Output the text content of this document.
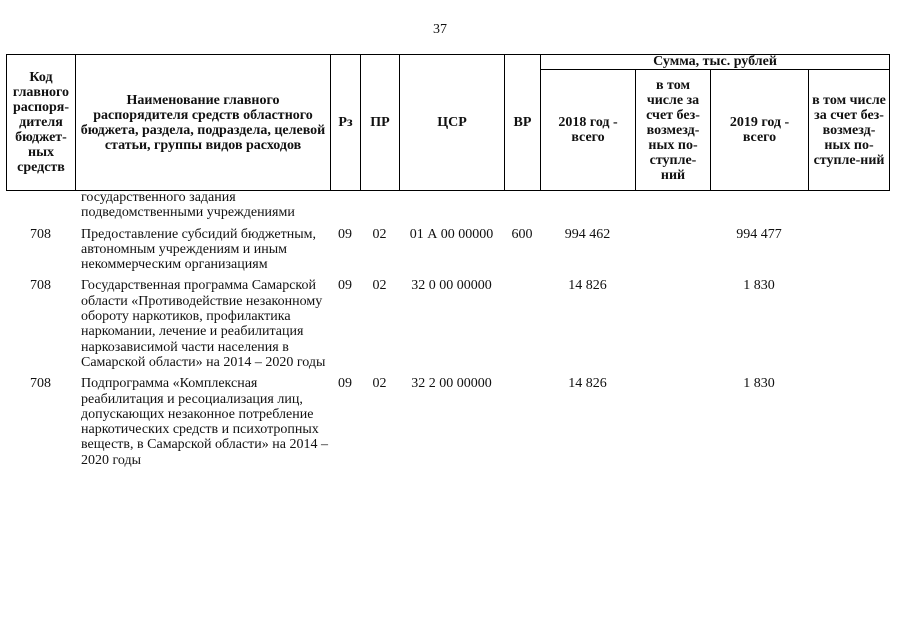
37
Код главного распоря-дителя бюджет-ных средств	Наименование главного распорядителя средств областного бюджета, раздела, подраздела, целевой статьи, группы видов расходов	Рз	ПР	ЦСР	ВР	Сумма, тыс. рублей			
						2018 год - всего	в том числе за счет без-возмезд-ных по-ступле-ний	2019 год - всего	в том числе за счет без-возмезд-ных по-ступле-ний
	государственного задания подведомственными учреждениями								
708	Предоставление субсидий бюджетным, автономным учреждениям и иным некоммерческим организациям	09	02	01 А 00 00000	600	994 462		994 477	
708	Государственная программа Самарской области «Противодействие незаконному обороту наркотиков, профилактика наркомании, лечение и реабилитация наркозависимой части населения в Самарской области» на 2014 – 2020 годы	09	02	32 0 00 00000		14 826		1 830	
708	Подпрограмма «Комплексная реабилитация и ресоциализация лиц, допускающих незаконное потребление наркотических средств и психотропных веществ, в Самарской области» на 2014 – 2020 годы	09	02	32 2 00 00000		14 826		1 830	
